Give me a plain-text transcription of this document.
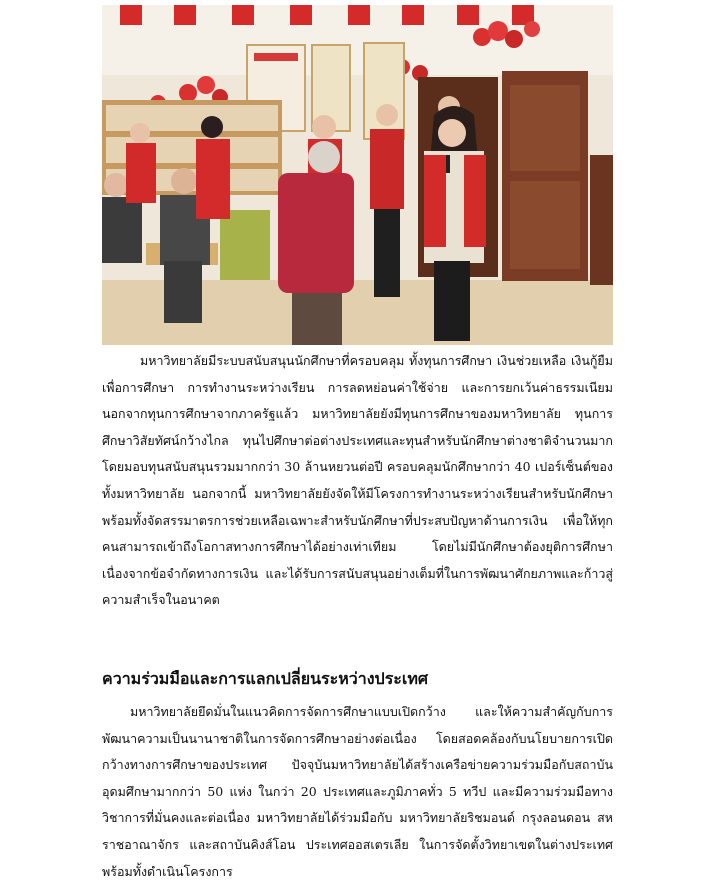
มหาวิทยาลัยมีระบบสนับสนุนนักศึกษาที่ครอบคลุม ทั้งทุนการศึกษา เงินช่วยเหลือ เงินกู้ยืมเพื่อการศึกษา การทำงานระหว่างเรียน การลดหย่อนค่าใช้จ่าย และการยกเว้นค่าธรรมเนียม นอกจากทุนการศึกษาจากภาครัฐแล้ว มหาวิทยาลัยยังมีทุนการศึกษาของมหาวิทยาลัย ทุนการศึกษาวิสัยทัศน์กว้างไกล ทุนไปศึกษาต่อต่างประเทศและทุนสำหรับนักศึกษาต่างชาติจำนวนมาก โดยมอบทุนสนับสนุนรวมมากกว่า 30 ล้านหยวนต่อปี ครอบคลุมนักศึกษากว่า 40 เปอร์เซ็นต์ของทั้งมหาวิทยาลัย นอกจากนี้ มหาวิทยาลัยยังจัดให้มีโครงการทำงานระหว่างเรียนสำหรับนักศึกษา พร้อมทั้งจัดสรรมาตรการช่วยเหลือเฉพาะสำหรับนักศึกษาที่ประสบปัญหาด้านการเงิน เพื่อให้ทุกคนสามารถเข้าถึงโอกาสทางการศึกษาได้อย่างเท่าเทียม โดยไม่มีนักศึกษาต้องยุติการศึกษาเนื่องจากข้อจำกัดทางการเงิน และได้รับการสนับสนุนอย่างเต็มที่ในการพัฒนาศักยภาพและก้าวสู่ความสำเร็จในอนาคต

ความร่วมมือและการแลกเปลี่ยนระหว่างประเทศ

มหาวิทยาลัยยึดมั่นในแนวคิดการจัดการศึกษาแบบเปิดกว้าง และให้ความสำคัญกับการพัฒนาความเป็นนานาชาติในการจัดการศึกษาอย่างต่อเนื่อง โดยสอดคล้องกับนโยบายการเปิดกว้างทางการศึกษาของประเทศ ปัจจุบันมหาวิทยาลัยได้สร้างเครือข่ายความร่วมมือกับสถาบันอุดมศึกษามากกว่า 50 แห่ง ในกว่า 20 ประเทศและภูมิภาคทั่ว 5 ทวีป และมีความร่วมมือทางวิชาการที่มั่นคงและต่อเนื่อง มหาวิทยาลัยได้ร่วมมือกับ มหาวิทยาลัยริชมอนด์ กรุงลอนดอน สหราชอาณาจักร และสถาบันคิงส์โอน ประเทศออสเตรเลีย ในการจัดตั้งวิทยาเขตในต่างประเทศ พร้อมทั้งดำเนินโครงการ
